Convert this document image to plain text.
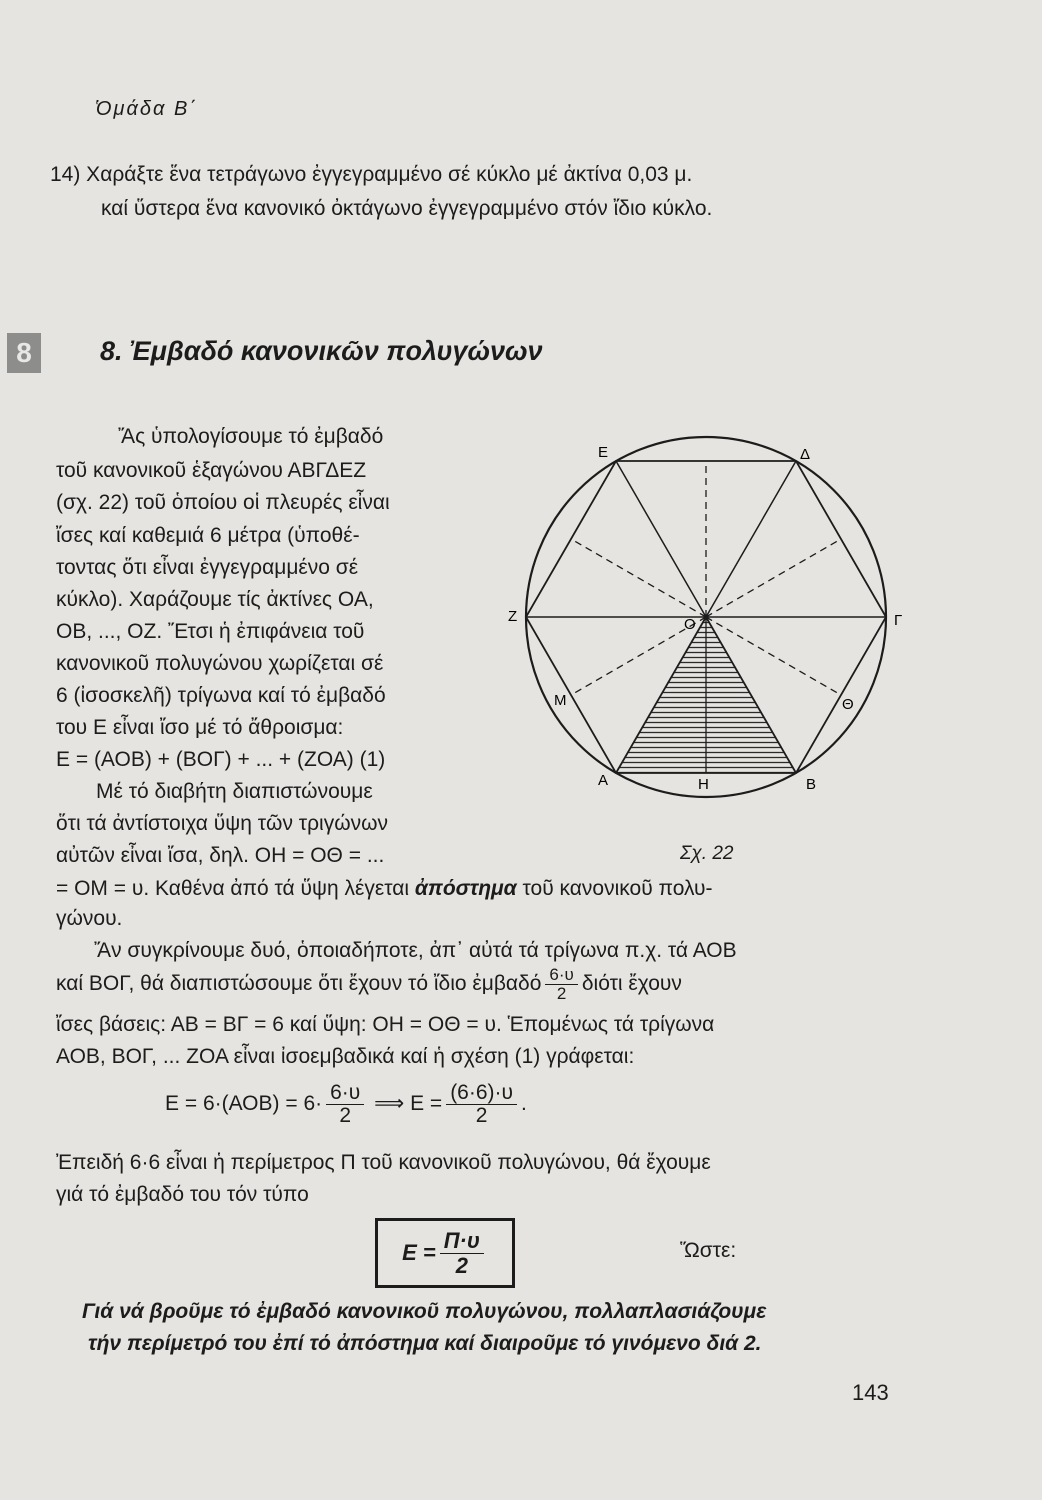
Ὁμάδα Β΄
14) Χαράξτε ἕνα τετράγωνο ἐγγεγραμμένο σέ κύκλο μέ ἀκτίνα 0,03 μ.
καί ὕστερα ἕνα κανονικό ὀκτάγωνο ἐγγεγραμμένο στόν ἴδιο κύκλο.
8	8. Ἐμβαδό κανονικῶν πολυγώνων
Ἄς ὑπολογίσουμε τό ἐμβαδό
τοῦ κανονικοῦ ἑξαγώνου ΑΒΓΔΕΖ
(σχ. 22) τοῦ ὁποίου οἱ πλευρές εἶναι
ἴσες καί καθεμιά 6 μέτρα (ὑποθέ-
τοντας ὅτι εἶναι ἐγγεγραμμένο σέ
κύκλο). Χαράζουμε τίς ἀκτίνες ΟΑ,
ΟΒ, ..., ΟΖ. Ἔτσι ἡ ἐπιφάνεια τοῦ
κανονικοῦ πολυγώνου χωρίζεται σέ
6 (ἰσοσκελῆ) τρίγωνα καί τό ἐμβαδό
του Ε εἶναι ἴσο μέ τό ἄθροισμα:
Ε = (ΑΟΒ) + (ΒΟΓ) + ... + (ΖΟΑ) (1)
Μέ τό διαβήτη διαπιστώνουμε
ὅτι τά ἀντίστοιχα ὕψη τῶν τριγώνων
αὐτῶν εἶναι ἴσα, δηλ. ΟΗ = ΟΘ = ...
Ε	Δ
Ζ	Γ
Ο
Μ	Θ
Α	Η	Β
Σχ. 22
= ΟΜ = υ. Καθένα ἀπό τά ὕψη λέγεται ἀπόστημα τοῦ κανονικοῦ πολυ-
γώνου.
Ἄν συγκρίνουμε δυό, ὁποιαδήποτε, ἀπ᾽ αὐτά τά τρίγωνα π.χ. τά ΑΟΒ
καί ΒΟΓ, θά διαπιστώσουμε ὅτι ἔχουν τό ἴδιο ἐμβαδό $\frac{6\cdot\upsilon}{2}$ διότι ἔχουν
ἴσες βάσεις: ΑΒ = ΒΓ = 6 καί ὕψη: ΟΗ = ΟΘ = υ. Ἑπομένως τά τρίγωνα
ΑΟΒ, ΒΟΓ, ... ΖΟΑ εἶναι ἰσοεμβαδικά καί ἡ σχέση (1) γράφεται:
$E = 6\cdot(AOB) = 6\cdot \frac{6\cdot\upsilon}{2}$ ⟹ $E = \frac{(6\cdot 6)\cdot\upsilon}{2}$ .
Ἐπειδή 6·6 εἶναι ἡ περίμετρος Π τοῦ κανονικοῦ πολυγώνου, θά ἔχουμε
γιά τό ἐμβαδό του τόν τύπο
$E = \frac{\Pi\cdot\upsilon}{2}$	Ὥστε:
Γιά νά βροῦμε τό ἐμβαδό κανονικοῦ πολυγώνου, πολλαπλασιάζουμε
τήν περίμετρό του ἐπί τό ἀπόστημα καί διαιροῦμε τό γινόμενο διά 2.
143
